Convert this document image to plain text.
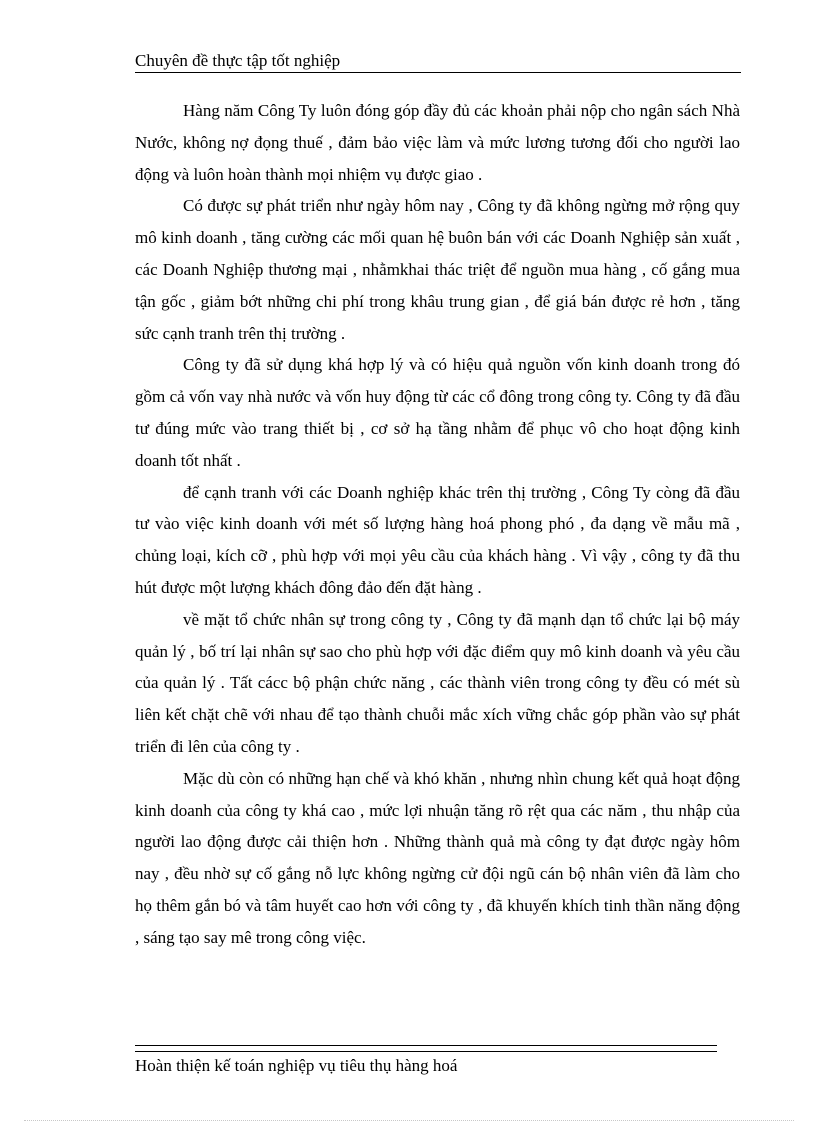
Chuyên đề thực tập tốt nghiệp

Hàng năm Công Ty luôn đóng góp đầy đủ các khoản phải nộp cho ngân sách Nhà Nước, không nợ đọng thuế , đảm bảo việc làm và mức lương tương đối cho người lao động và luôn hoàn thành mọi nhiệm vụ được giao .

Có được sự phát triển như ngày hôm nay , Công ty đã không ngừng mở rộng quy mô kinh doanh , tăng cường các mối quan hệ buôn bán với các Doanh Nghiệp sản xuất , các Doanh Nghiệp thương mại , nhằmkhai thác triệt để nguồn mua hàng , cố gắng mua tận gốc , giảm bớt những chi phí trong khâu trung gian , để giá bán được rẻ hơn , tăng sức cạnh tranh trên thị trường .

Công ty đã sử dụng khá hợp lý và có hiệu quả nguồn vốn kinh doanh trong đó gồm cả vốn vay nhà nước và vốn huy động từ các cổ đông trong công ty. Công ty đã đầu tư đúng mức vào trang thiết bị , cơ sở hạ tầng nhằm để phục vô cho hoạt động kinh doanh tốt nhất .

để cạnh tranh với các Doanh nghiệp khác trên thị trường , Công Ty còng đã đầu tư vào việc kinh doanh với mét số lượng hàng hoá phong phó , đa dạng về mẫu mã , chủng loại, kích cỡ , phù hợp với mọi yêu cầu của khách hàng . Vì vậy , công ty đã thu hút được một lượng khách đông đảo đến đặt hàng .

về mặt tổ chức nhân sự trong công ty , Công ty đã mạnh dạn tổ chức lại bộ máy quản lý , bố trí lại nhân sự sao cho phù hợp với đặc điểm quy mô kinh doanh và yêu cầu của quản lý . Tất cácc bộ phận chức năng , các thành viên trong công ty đều có mét sù liên kết chặt chẽ với nhau để tạo thành chuỗi mắc xích vững chắc góp phần vào sự phát triển đi lên của công ty .

Mặc dù còn có những hạn chế và khó khăn , nhưng nhìn chung kết quả hoạt động kinh doanh của công ty khá cao , mức lợi nhuận tăng rõ rệt qua các năm , thu nhập của người lao động được cải thiện hơn . Những thành quả mà công ty đạt được ngày hôm nay , đều nhờ sự cố gắng nỗ lực không ngừng cử đội ngũ cán bộ nhân viên đã làm cho họ thêm gắn bó và tâm huyết cao hơn với công ty , đã khuyến khích tinh thần năng động , sáng tạo say mê trong công việc.

Hoàn thiện kế toán nghiệp vụ tiêu thụ hàng hoá
